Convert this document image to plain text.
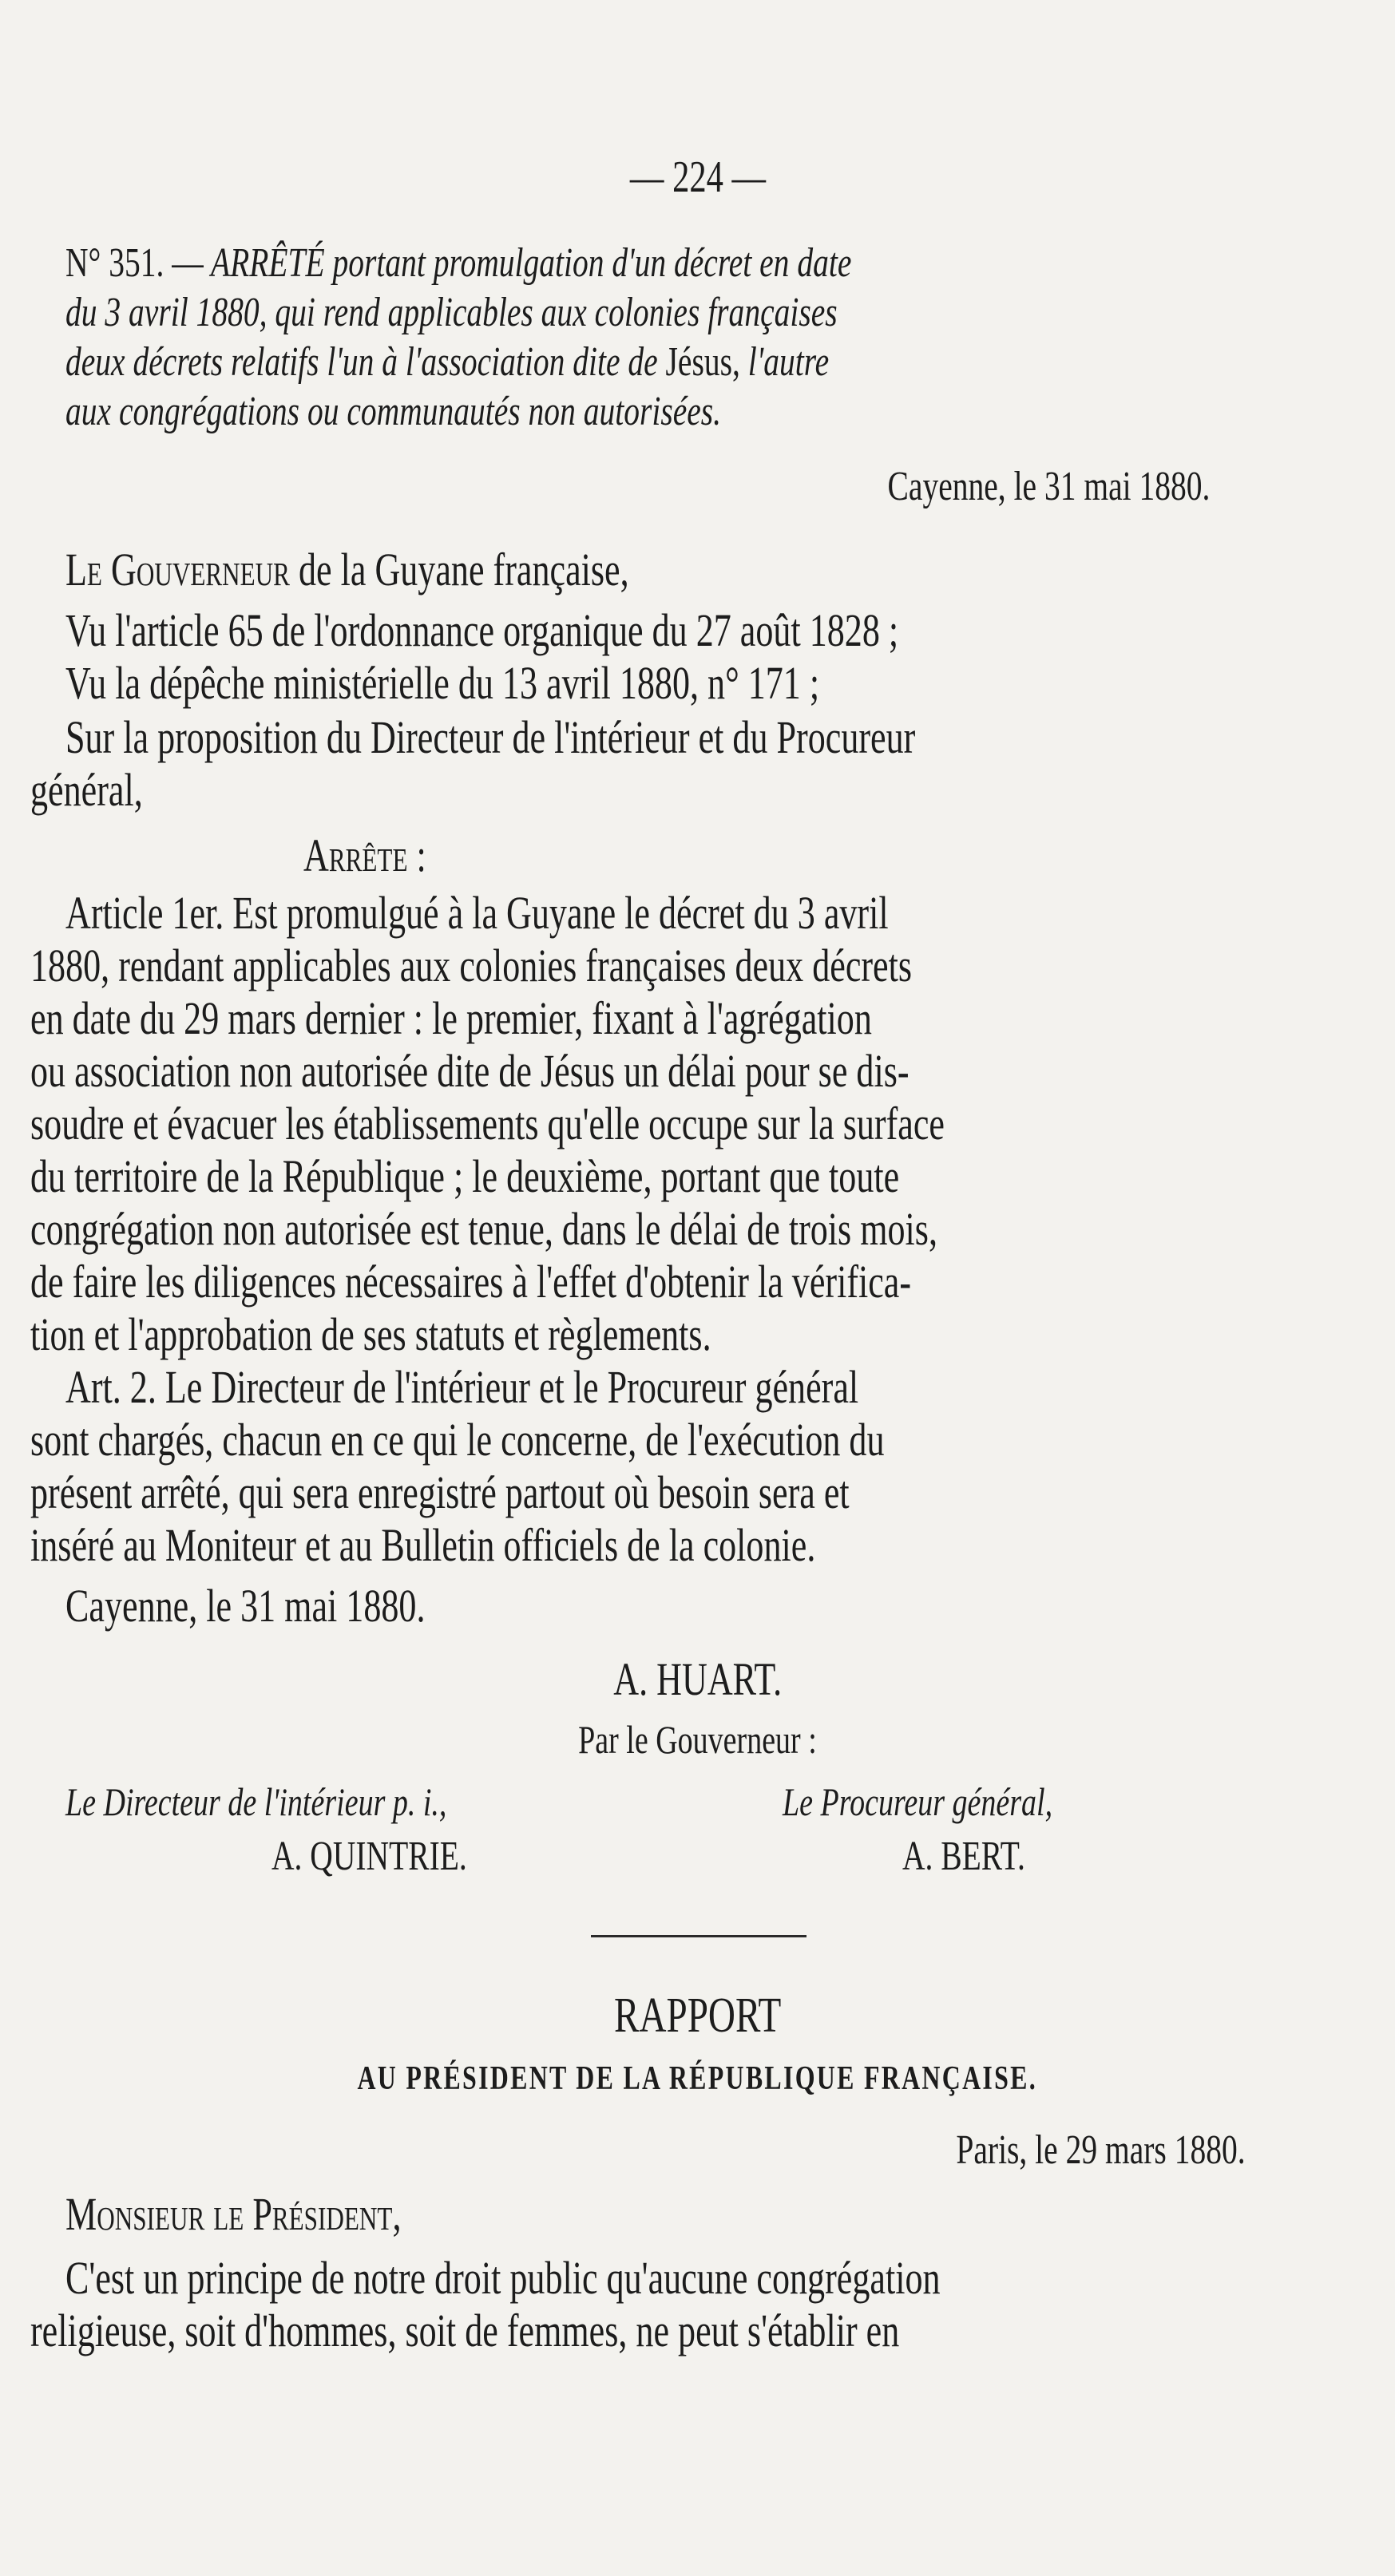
— 224 —
N° 351. — ARRÊTÉ portant promulgation d'un décret en date
du 3 avril 1880, qui rend applicables aux colonies françaises
deux décrets relatifs l'un à l'association dite de Jésus, l'autre
aux congrégations ou communautés non autorisées.
Cayenne, le 31 mai 1880.
Le Gouverneur de la Guyane française,
Vu l'article 65 de l'ordonnance organique du 27 août 1828 ;
Vu la dépêche ministérielle du 13 avril 1880, n° 171 ;
Sur la proposition du Directeur de l'intérieur et du Procureur
général,
Arrête :
Article 1er. Est promulgué à la Guyane le décret du 3 avril
1880, rendant applicables aux colonies françaises deux décrets
en date du 29 mars dernier : le premier, fixant à l'agrégation
ou association non autorisée dite de Jésus un délai pour se dis-
soudre et évacuer les établissements qu'elle occupe sur la surface
du territoire de la République ; le deuxième, portant que toute
congrégation non autorisée est tenue, dans le délai de trois mois,
de faire les diligences nécessaires à l'effet d'obtenir la vérifica-
tion et l'approbation de ses statuts et règlements.
Art. 2. Le Directeur de l'intérieur et le Procureur général
sont chargés, chacun en ce qui le concerne, de l'exécution du
présent arrêté, qui sera enregistré partout où besoin sera et
inséré au Moniteur et au Bulletin officiels de la colonie.
Cayenne, le 31 mai 1880.
A. HUART.
Par le Gouverneur :
Le Directeur de l'intérieur p. i.,	Le Procureur général,
A. QUINTRIE.	A. BERT.
RAPPORT
AU PRÉSIDENT DE LA RÉPUBLIQUE FRANÇAISE.
Paris, le 29 mars 1880.
Monsieur le Président,
C'est un principe de notre droit public qu'aucune congrégation
religieuse, soit d'hommes, soit de femmes, ne peut s'établir en
